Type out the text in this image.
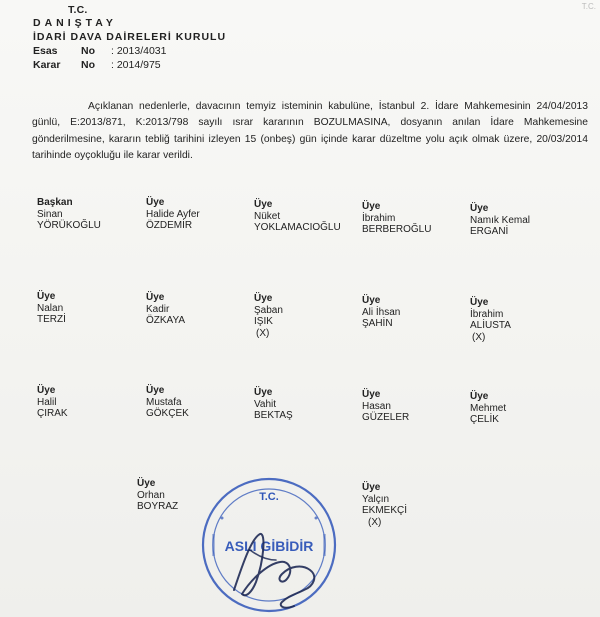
T.C.
T.C.
DANIŞTAY
İDARİ DAVA DAİRELERİ KURULU
Esas No : 2013/4031
Karar No : 2014/975
Açıklanan nedenlerle, davacının temyiz isteminin kabulüne, İstanbul 2. İdare Mahkemesinin 24/04/2013 günlü, E:2013/871, K:2013/798 sayılı ısrar kararının BOZULMASINA, dosyanın anılan İdare Mahkemesine gönderilmesine, kararın tebliğ tarihini izleyen 15 (onbeş) gün içinde karar düzeltme yolu açık olmak üzere, 20/03/2014 tarihinde oyçokluğu ile karar verildi.
Başkan
Sinan
YÖRÜKOĞLU
Üye
Halide Ayfer
ÖZDEMİR
Üye
Nüket
YOKLAMACIOĞLU
Üye
İbrahim
BERBEROĞLU
Üye
Namık Kemal
ERGANİ
Üye
Nalan
TERZİ
Üye
Kadir
ÖZKAYA
Üye
Şaban
IŞIK
(X)
Üye
Ali İhsan
ŞAHİN
Üye
İbrahim
ALİUSTA
(X)
Üye
Halil
ÇIRAK
Üye
Mustafa
GÖKÇEK
Üye
Vahit
BEKTAŞ
Üye
Hasan
GÜZELER
Üye
Mehmet
ÇELİK
Üye
Orhan
BOYRAZ
Üye
Yalçın
EKMEKÇİ
(X)
T.C.
ASLI GİBİDİR
